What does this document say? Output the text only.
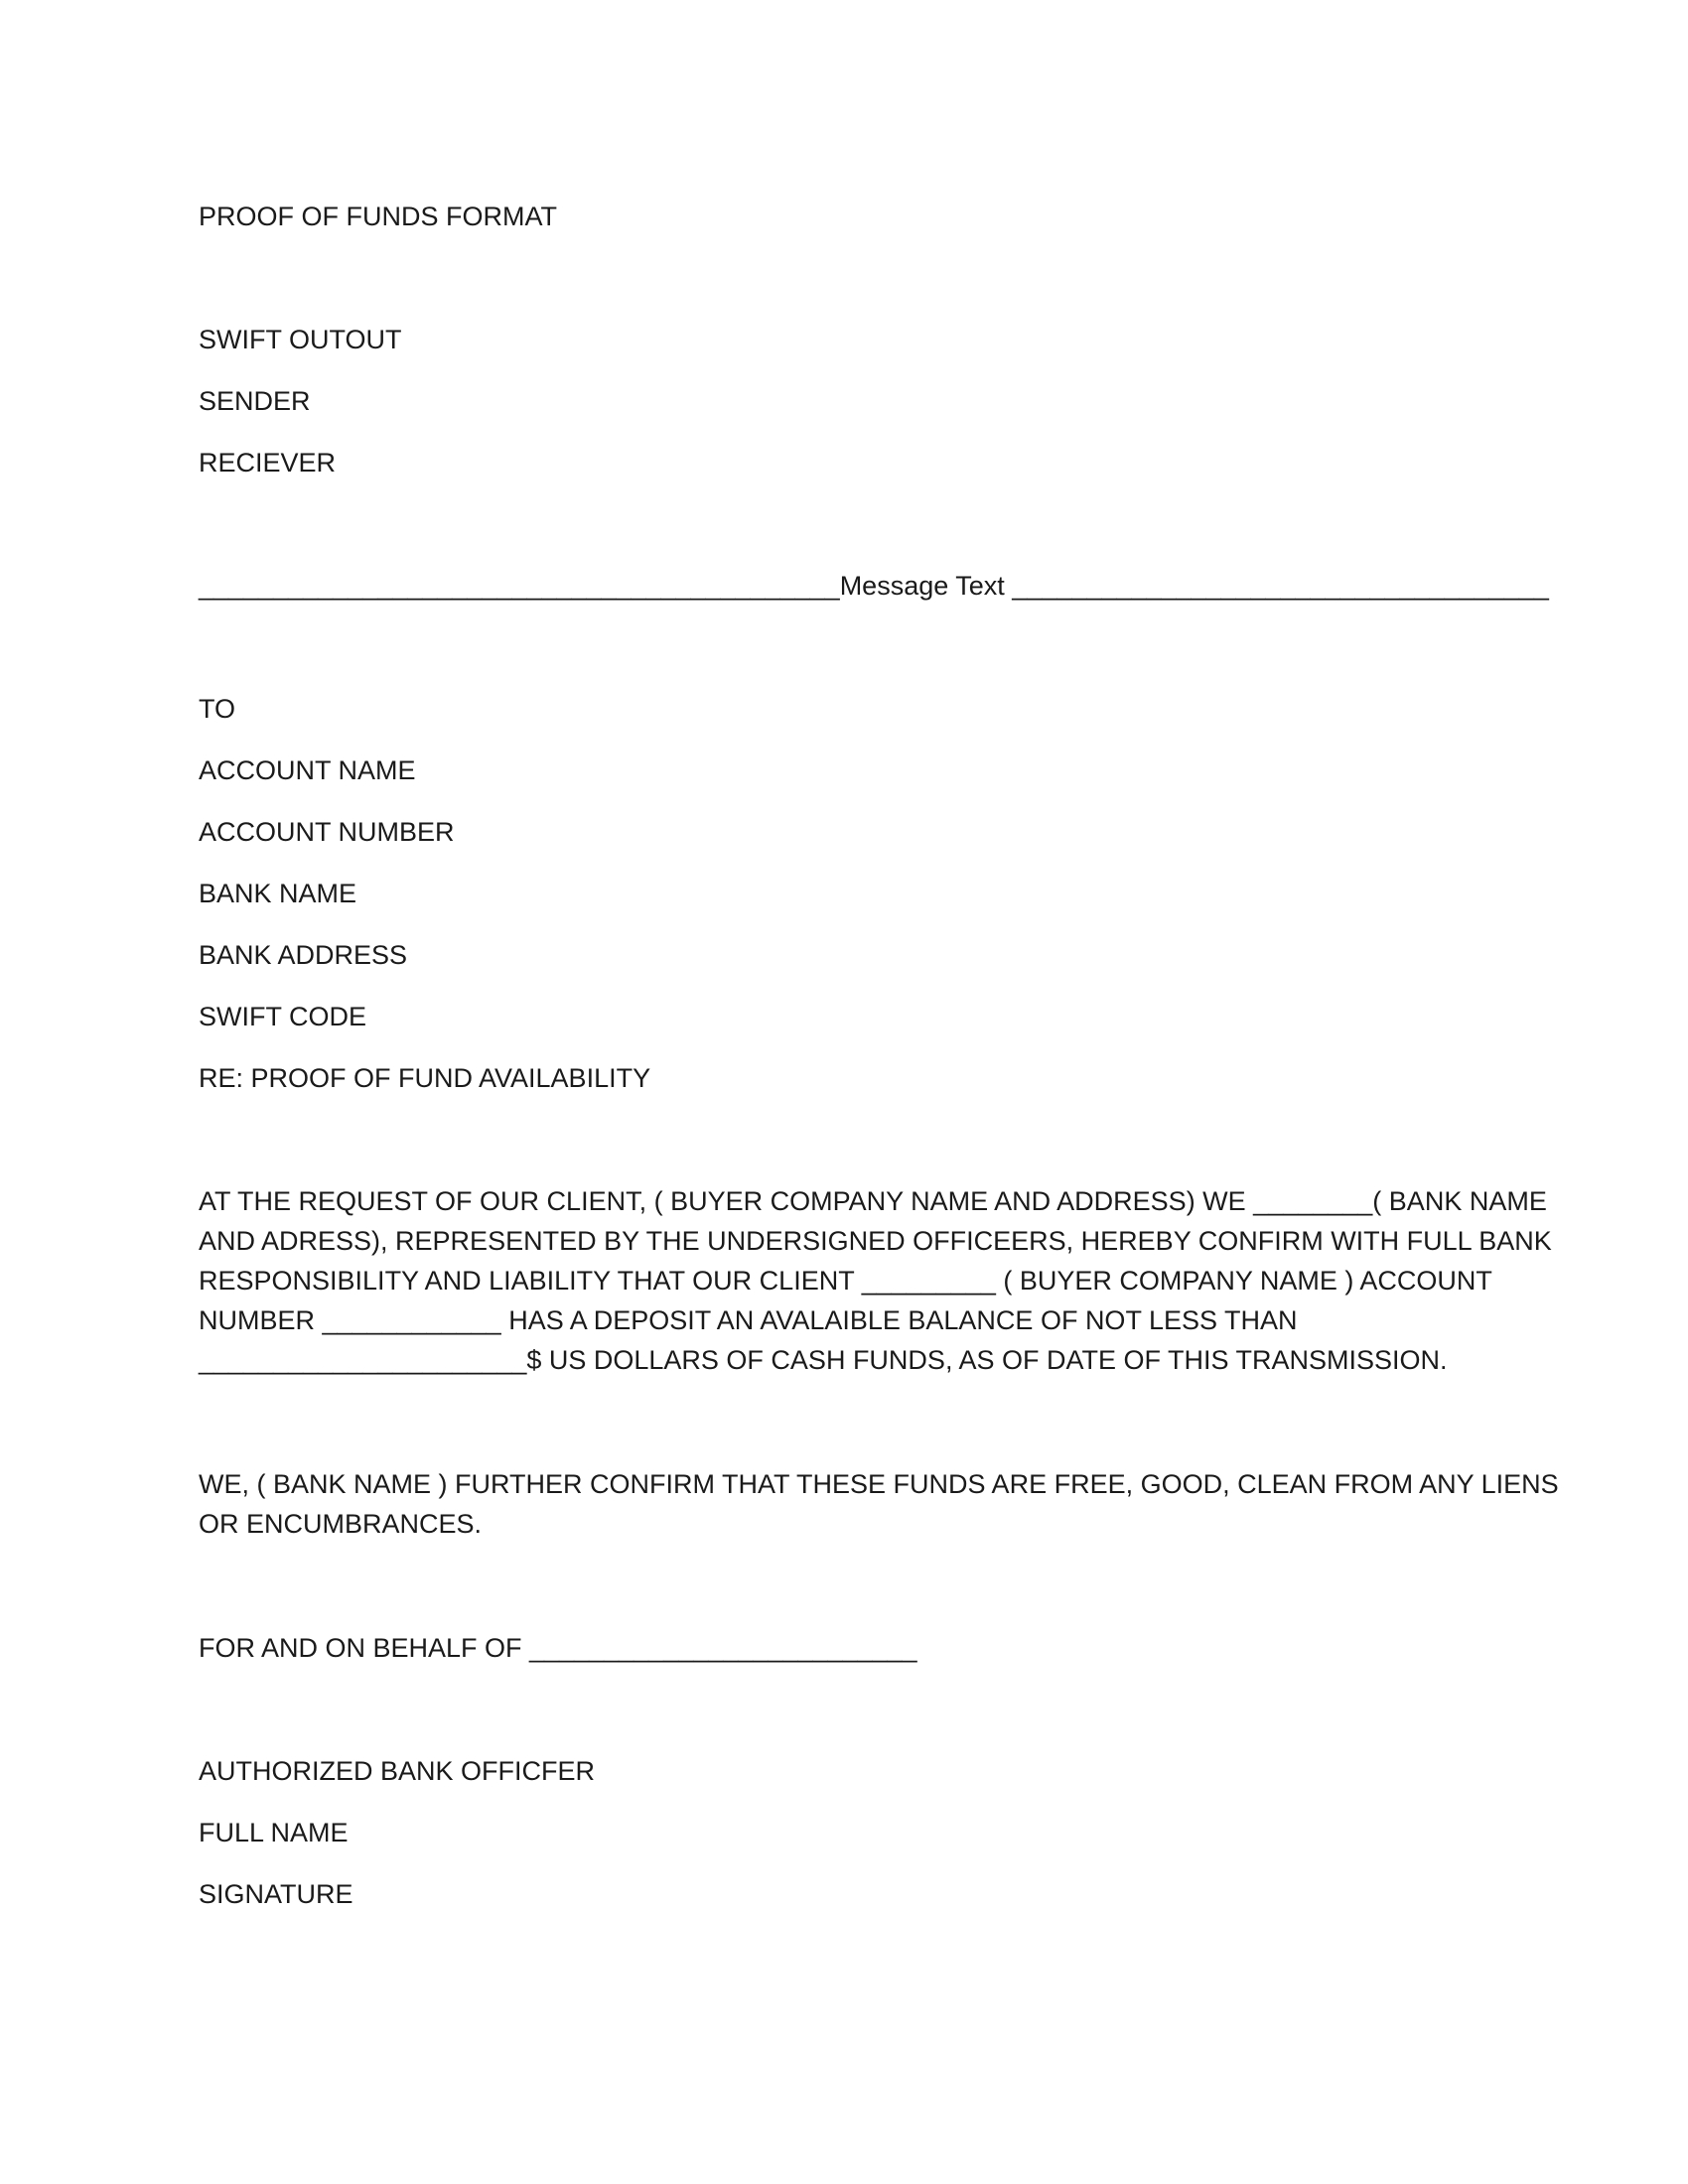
PROOF OF FUNDS FORMAT

SWIFT OUTOUT

SENDER

RECIEVER

___________________________________________Message Text ____________________________________

TO

ACCOUNT NAME

ACCOUNT NUMBER

BANK NAME

BANK ADDRESS

SWIFT CODE

RE: PROOF OF FUND AVAILABILITY

AT THE REQUEST OF OUR CLIENT, ( BUYER COMPANY NAME AND ADDRESS) WE ________( BANK NAME
AND ADRESS), REPRESENTED BY THE UNDERSIGNED OFFICEERS, HEREBY CONFIRM WITH FULL BANK
RESPONSIBILITY AND LIABILITY THAT OUR CLIENT _________ ( BUYER COMPANY NAME ) ACCOUNT
NUMBER ____________ HAS A DEPOSIT AN AVALAIBLE BALANCE OF NOT LESS THAN
______________________$ US DOLLARS OF CASH FUNDS, AS OF DATE OF THIS TRANSMISSION.
WE, ( BANK NAME ) FURTHER CONFIRM THAT THESE FUNDS ARE FREE, GOOD, CLEAN FROM ANY LIENS
OR ENCUMBRANCES.

FOR AND ON BEHALF OF __________________________

AUTHORIZED BANK OFFICFER

FULL NAME

SIGNATURE
